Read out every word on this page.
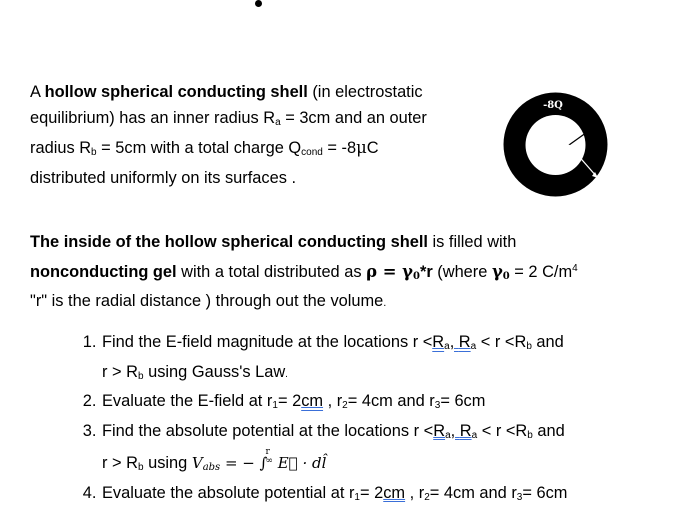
A hollow spherical conducting shell (in electrostatic
equilibrium) has an inner radius $R_a = 3cm$ and an outer
radius $R_b = 5cm$ with a total charge $Q_{cond} = -8\mu C$
distributed uniformly on its surfaces .
-8Q
The inside of the hollow spherical conducting shell is filled with
nonconducting gel with a total distributed as $\rho = \gamma_0*r$ (where $\gamma_0 = 2$ $C/m^4$
"r" is the radial distance ) through out the volume.
1. Find the E-field magnitude at the locations $r <R_a$, $R_a < r <R_b$ and
$r > R_b$ using Gauss's Law.
2. Evaluate the E-field at $r_1= 2cm$ , $r_2= 4cm$ and $r_3= 6cm$
3. Find the absolute potential at the locations $r <R_a$, $R_a < r <R_b$ and
$r > R_b$ using $V_{abs}$ = − ∫
r
∞ E⃗ · dl̂
4. Evaluate the absolute potential at $r_1= 2cm$ , $r_2= 4cm$ and $r_3= 6cm$
